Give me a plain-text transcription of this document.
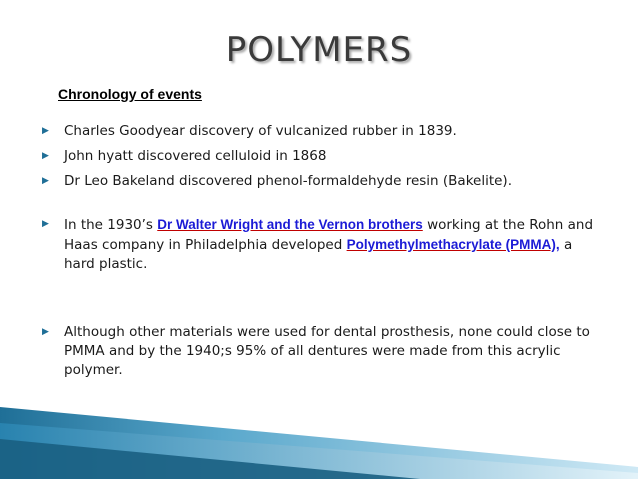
POLYMERS
Chronology of events
▶ Charles Goodyear discovery of vulcanized rubber in 1839.
▶ John hyatt discovered celluloid in 1868
▶ Dr Leo Bakeland discovered phenol-formaldehyde resin (Bakelite).
▶ In the 1930’s Dr Walter Wright and the Vernon brothers working at the Rohn and Haas company in Philadelphia developed Polymethylmethacrylate (PMMA), a hard plastic.
▶ Although other materials were used for dental prosthesis, none could close to PMMA and by the 1940;s 95% of all dentures were made from this acrylic polymer.
